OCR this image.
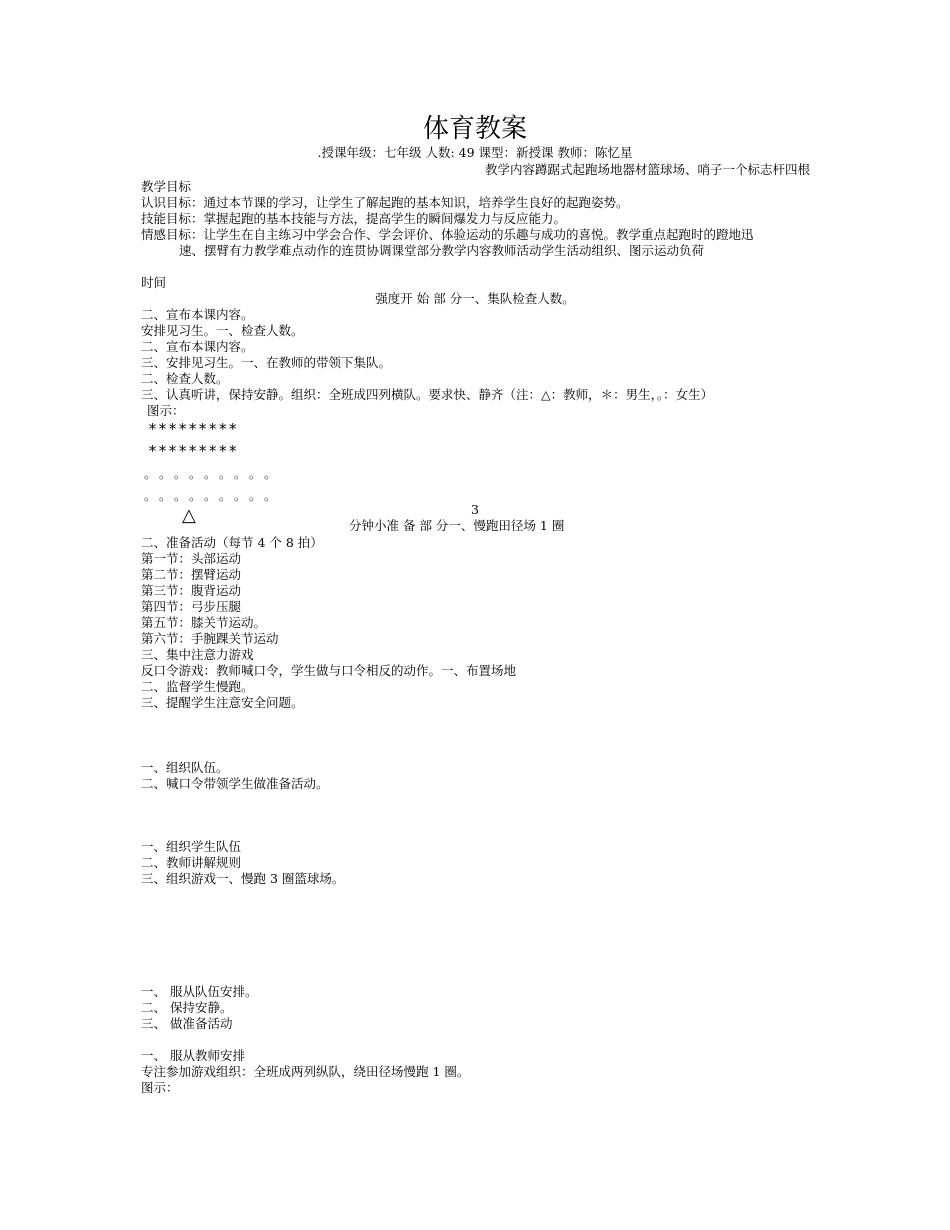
体育教案
.授课年级：七年级 人数: 49 课型：新授课 教师：陈忆星
教学内容蹲踞式起跑场地器材篮球场、哨子一个标志杆四根
教学目标
认识目标：通过本节课的学习，让学生了解起跑的基本知识，培养学生良好的起跑姿势。
技能目标：掌握起跑的基本技能与方法，提高学生的瞬间爆发力与反应能力。
情感目标：让学生在自主练习中学会合作、学会评价、体验运动的乐趣与成功的喜悦。教学重点起跑时的蹬地迅
速、摆臂有力教学难点动作的连贯协调课堂部分教学内容教师活动学生活动组织、图示运动负荷
时间
强度开 始 部 分一、集队检查人数。
二、宣布本课内容。
安排见习生。一、检查人数。
二、宣布本课内容。
三、安排见习生。一、在教师的带领下集队。
二、检查人数。
三、认真听讲，保持安静。组织：全班成四列横队。要求快、静齐（注：△：教师，＊：男生，。：女生）
图示：
*********
*********
。。。。。。。。。
。。。。。。。。。
△	3
分钟小准 备 部 分一、慢跑田径场 1 圈
二、准备活动（每节 4 个 8 拍）
第一节：头部运动
第二节：摆臂运动
第三节：腹背运动
第四节：弓步压腿
第五节：膝关节运动。
第六节：手腕踝关节运动
三、集中注意力游戏
反口令游戏：教师喊口令，学生做与口令相反的动作。一、布置场地
二、监督学生慢跑。
三、提醒学生注意安全问题。
一、组织队伍。
二、喊口令带领学生做准备活动。
一、组织学生队伍
二、教师讲解规则
三、组织游戏一、慢跑 3 圈篮球场。
一、 服从队伍安排。
二、 保持安静。
三、 做准备活动
一、 服从教师安排
专注参加游戏组织：全班成两列纵队，绕田径场慢跑 1 圈。
图示：
